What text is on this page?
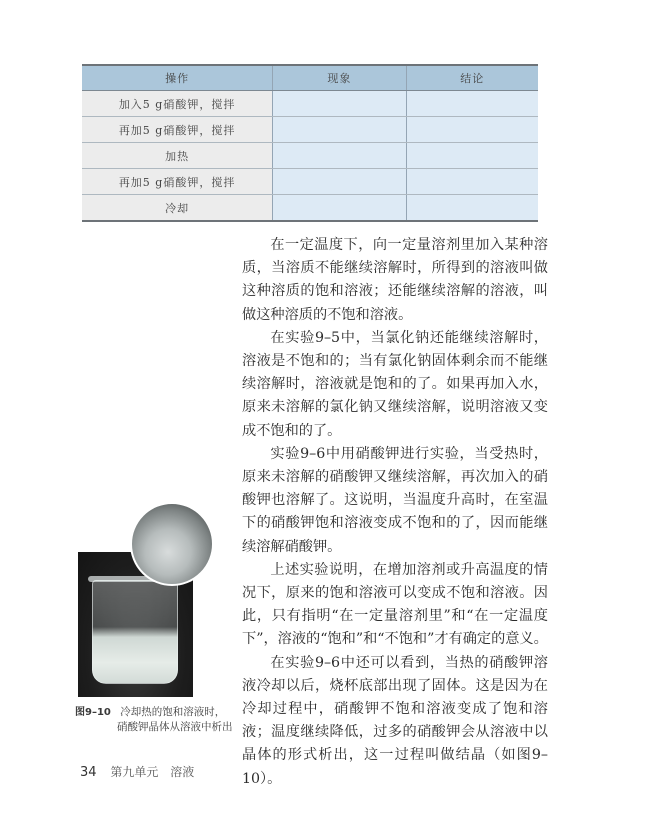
操作	现象	结论
加入5 g硝酸钾，搅拌		
再加5 g硝酸钾，搅拌		
加热		
再加5 g硝酸钾，搅拌		
冷却		

在一定温度下，向一定量溶剂里加入某种溶质，当溶质不能继续溶解时，所得到的溶液叫做这种溶质的饱和溶液；还能继续溶解的溶液，叫做这种溶质的不饱和溶液。

在实验9–5中，当氯化钠还能继续溶解时，溶液是不饱和的；当有氯化钠固体剩余而不能继续溶解时，溶液就是饱和的了。如果再加入水，原来未溶解的氯化钠又继续溶解，说明溶液又变成不饱和的了。

实验9–6中用硝酸钾进行实验，当受热时，原来未溶解的硝酸钾又继续溶解，再次加入的硝酸钾也溶解了。这说明，当温度升高时，在室温下的硝酸钾饱和溶液变成不饱和的了，因而能继续溶解硝酸钾。

上述实验说明，在增加溶剂或升高温度的情况下，原来的饱和溶液可以变成不饱和溶液。因此，只有指明“在一定量溶剂里”和“在一定温度下”，溶液的“饱和”和“不饱和”才有确定的意义。

在实验9–6中还可以看到，当热的硝酸钾溶液冷却以后，烧杯底部出现了固体。这是因为在冷却过程中，硝酸钾不饱和溶液变成了饱和溶液；温度继续降低，过多的硝酸钾会从溶液中以晶体的形式析出，这一过程叫做结晶（如图9–10）。

图9–10 冷却热的饱和溶液时，
硝酸钾晶体从溶液中析出
34 第九单元 溶液
